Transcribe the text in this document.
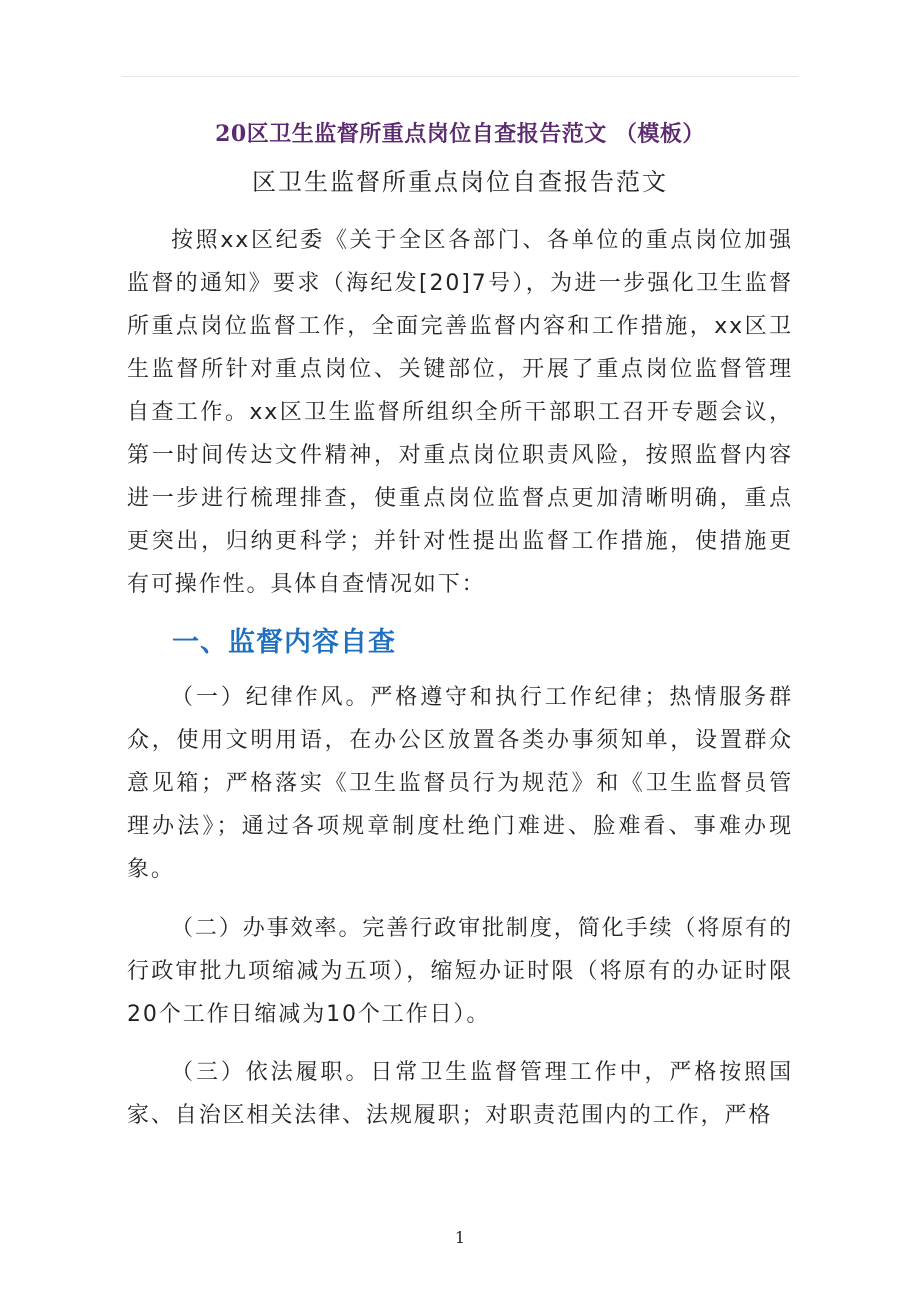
20区卫生监督所重点岗位自查报告范文 （模板）
区卫生监督所重点岗位自查报告范文

按照xx区纪委《关于全区各部门、各单位的重点岗位加强监督的通知》要求（海纪发[20]7号），为进一步强化卫生监督所重点岗位监督工作，全面完善监督内容和工作措施，xx区卫生监督所针对重点岗位、关键部位，开展了重点岗位监督管理自查工作。xx区卫生监督所组织全所干部职工召开专题会议，第一时间传达文件精神，对重点岗位职责风险，按照监督内容进一步进行梳理排查，使重点岗位监督点更加清晰明确，重点更突出，归纳更科学；并针对性提出监督工作措施，使措施更有可操作性。具体自查情况如下：

一、监督内容自查

（一）纪律作风。严格遵守和执行工作纪律；热情服务群众，使用文明用语，在办公区放置各类办事须知单，设置群众意见箱；严格落实《卫生监督员行为规范》和《卫生监督员管理办法》；通过各项规章制度杜绝门难进、脸难看、事难办现象。

（二）办事效率。完善行政审批制度，简化手续（将原有的行政审批九项缩减为五项），缩短办证时限（将原有的办证时限20个工作日缩减为10个工作日）。

（三）依法履职。日常卫生监督管理工作中，严格按照国家、自治区相关法律、法规履职；对职责范围内的工作，严格

1
